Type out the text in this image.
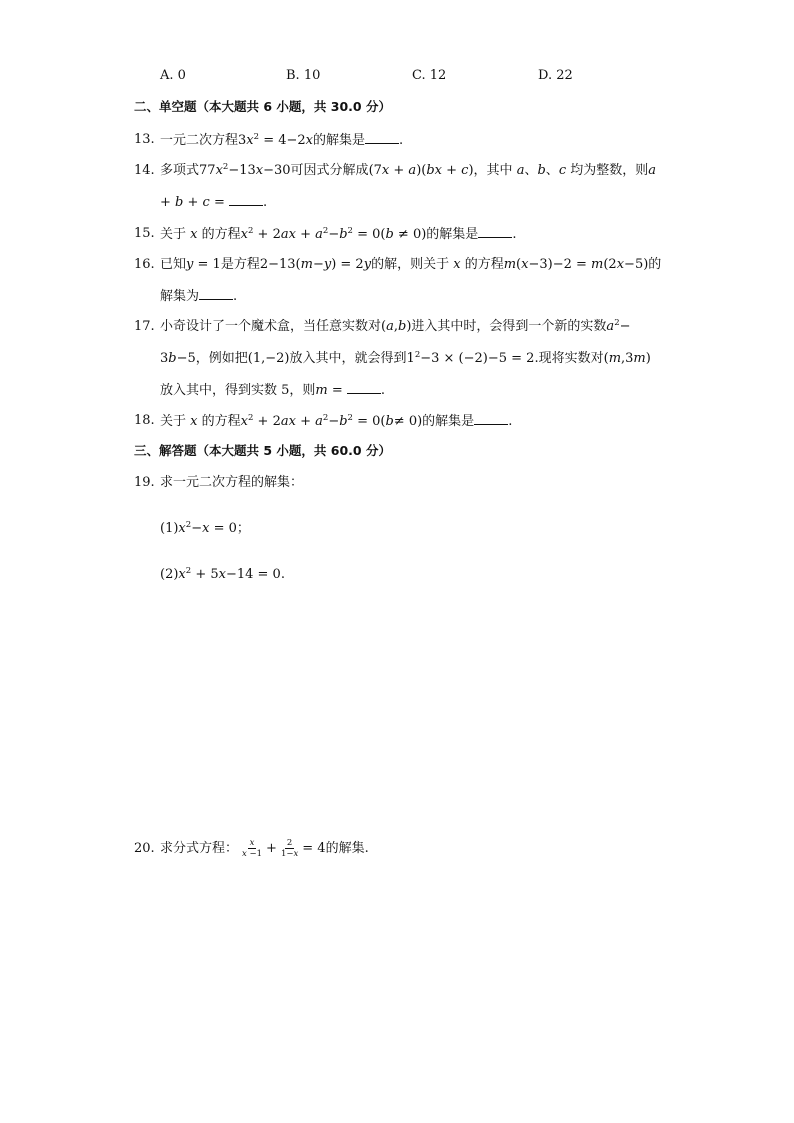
A. 0	B. 10	C. 12	D. 22
二、单空题（本大题共 6 小题，共 30.0 分）
13. 一元二次方程$3x^2 = 4-2x$的解集是	.
14. 多项式$77x^2-13x-30$可因式分解成(7x + a)(bx + c)，其中 a、b、c 均为整数，则a
+ b + c =	.
15. 关于 x 的方程$x^2 + 2ax + a^2-b^2 = 0(b \ne 0)$的解集是	.
16. 已知y = 1是方程2−13(m−y) = 2y的解，则关于 x 的方程m(x−3)−2 = m(2x−5)的
解集为	.
17. 小奇设计了一个魔术盒，当任意实数对(a,b)进入其中时，会得到一个新的实数$a^2-$
3b−5，例如把(1,−2)放入其中，就会得到$1^2-3 \times (-2)-5 = 2$.现将实数对(m,3m)
放入其中，得到实数 5，则m =	.
18. 关于 x 的方程$x^2 + 2ax + a^2-b^2 = 0(b\ne 0)$的解集是	.
三、解答题（本大题共 5 小题，共 60.0 分）
19. 求一元二次方程的解集：
$(1)x^2-x = 0$；
$(2)x^2 + 5x-14 = 0$.
20. 求分式方程： $\frac{x}{x -1} + \frac{2}{1-x} = 4$的解集.
